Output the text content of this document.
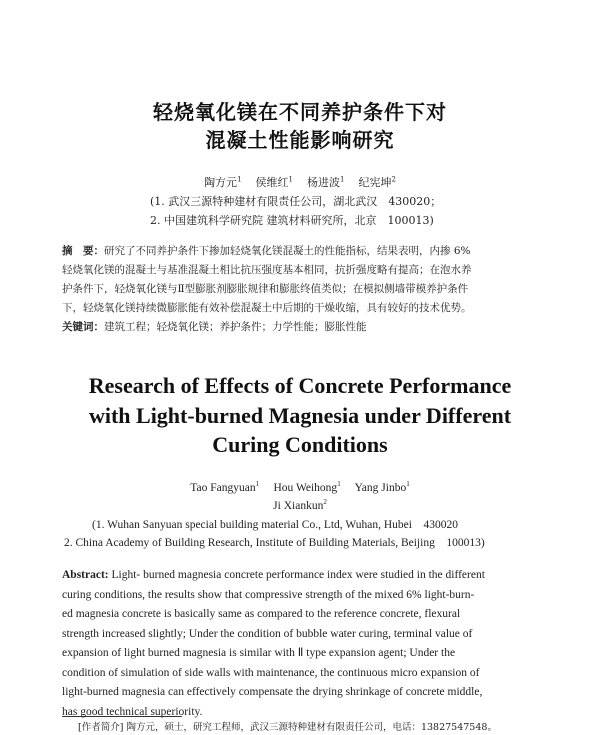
轻烧氧化镁在不同养护条件下对
混凝土性能影响研究
陶方元$^1$ 侯维红$^1$ 杨进波$^1$ 纪宪坤$^2$
(1. 武汉三源特种建材有限责任公司，湖北武汉　430020；
2. 中国建筑科学研究院 建筑材料研究所，北京　100013)
摘　要：研究了不同养护条件下掺加轻烧氧化镁混凝土的性能指标，结果表明，内掺 6%
轻烧氧化镁的混凝土与基准混凝土相比抗压强度基本相同，抗折强度略有提高；在泡水养
护条件下，轻烧氧化镁与Ⅱ型膨胀剂膨胀规律和膨胀终值类似；在模拟侧墙带模养护条件
下，轻烧氧化镁持续微膨胀能有效补偿混凝土中后期的干燥收缩，具有较好的技术优势。
关键词：建筑工程；轻烧氧化镁；养护条件；力学性能；膨胀性能
Research of Effects of Concrete Performance
with Light-burned Magnesia under Different
Curing Conditions
Tao Fangyuan$^1$ Hou Weihong$^1$ Yang Jinbo$^1$
Ji Xiankun$^2$
(1. Wuhan Sanyuan special building material Co., Ltd, Wuhan, Hubei　430020
2. China Academy of Building Research, Institute of Building Materials, Beijing　100013)
Abstract: Light- burned magnesia concrete performance index were studied in the different
curing conditions, the results show that compressive strength of the mixed 6% light-burn-
ed magnesia concrete is basically same as compared to the reference concrete, flexural
strength increased slightly; Under the condition of bubble water curing, terminal value of
expansion of light burned magnesia is similar with Ⅱ type expansion agent; Under the
condition of simulation of side walls with maintenance, the continuous micro expansion of
light-burned magnesia can effectively compensate the drying shrinkage of concrete middle,
has good technical superiority.
[作者简介] 陶方元，硕士，研究工程师，武汉三源特种建材有限责任公司，电话：13827547548。
